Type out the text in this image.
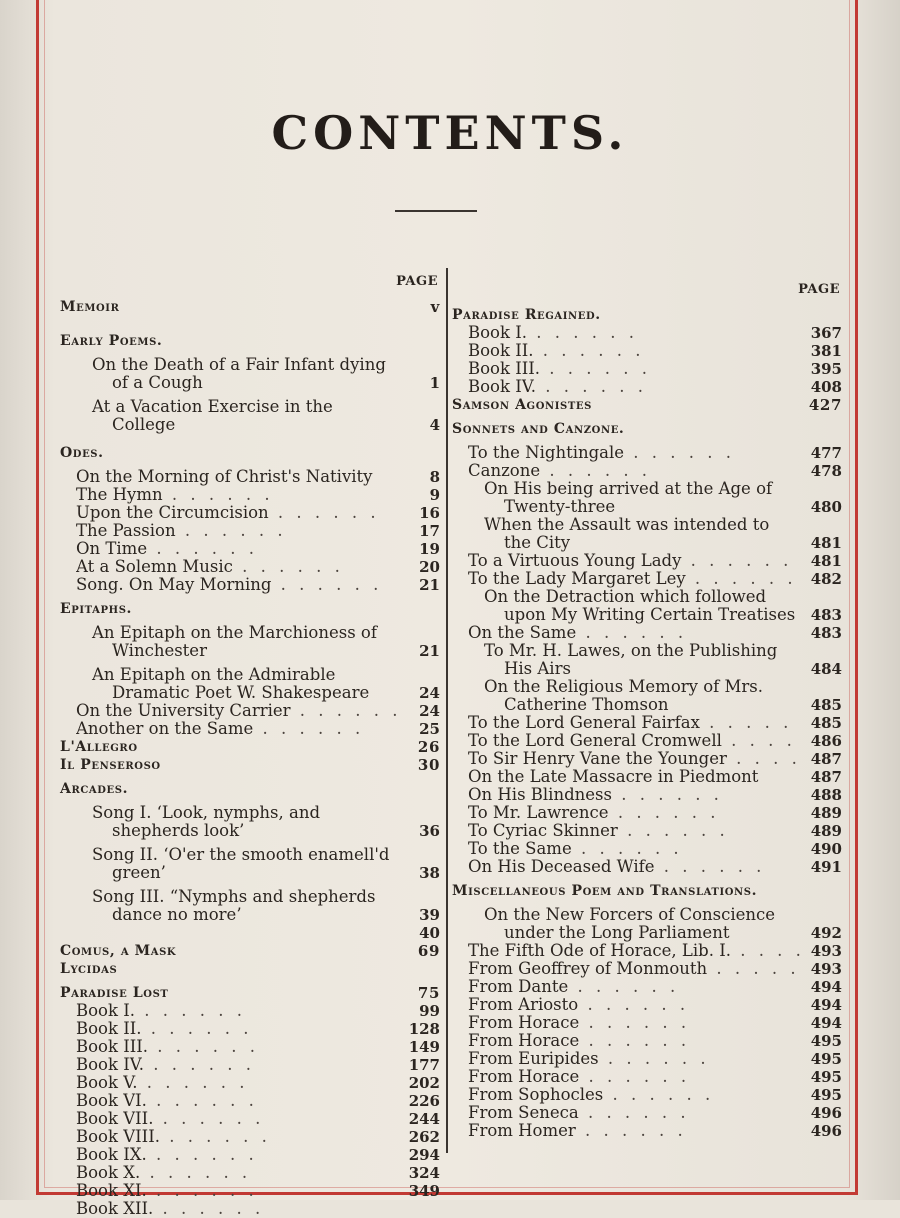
CONTENTS.
PAGE
Memoir	v
Early Poems.
On the Death of a Fair Infant dying of a Cough	1
At a Vacation Exercise in the College	4
Odes.
On the Morning of Christ's Nativity	8
The Hymn . . .	9
Upon the Circumcision . . .	16
The Passion . . .	17
On Time . . .	19
At a Solemn Music . . .	20
Song. On May Morning . . .	21
Epitaphs.
An Epitaph on the Marchioness of Winchester	21
An Epitaph on the Admirable Dramatic Poet W. Shakespeare	24
On the University Carrier . . .	24
Another on the Same . . .	25
L'Allegro	26
Il Penseroso	30
Arcades.
Song I. ‘Look, nymphs, and shepherds look’	36
Song II. ‘O'er the smooth enamell'd green’	38
Song III. “Nymphs and shepherds dance no more’	39
40
Comus, a Mask	69
Lycidas
Paradise Lost	75
Book I. . . .	99
Book II. . . .	128
Book III. . . .	149
Book IV. . . .	177
Book V. . . .	202
Book VI. . . .	226
Book VII. . . .	244
Book VIII. . . .	262
Book IX. . . .	294
Book X. . . .	324
Book XI. . . .	349
Book XII. . . .
PAGE
Paradise Regained.
Book I. . . .	367
Book II. . . .	381
Book III. . . .	395
Book IV. . . .	408
Samson Agonistes	427
Sonnets and Canzone.
To the Nightingale . . .	477
Canzone . . .	478
On His being arrived at the Age of Twenty-three	480
When the Assault was intended to the City	481
To a Virtuous Young Lady . . .	481
To the Lady Margaret Ley . . .	482
On the Detraction which followed upon My Writing Certain Treatises	483
On the Same . . .	483
To Mr. H. Lawes, on the Publishing His Airs	484
On the Religious Memory of Mrs. Catherine Thomson	485
To the Lord General Fairfax . . .	485
To the Lord General Cromwell . . .	486
To Sir Henry Vane the Younger . . .	487
On the Late Massacre in Piedmont	487
On His Blindness . . .	488
To Mr. Lawrence . . .	489
To Cyriac Skinner . . .	489
To the Same . . .	490
On His Deceased Wife . . .	491
Miscellaneous Poem and Translations.
On the New Forcers of Conscience under the Long Parliament	492
The Fifth Ode of Horace, Lib. I. . . .	493
From Geoffrey of Monmouth . . .	493
From Dante . . .	494
From Ariosto . . .	494
From Horace . . .	494
From Horace . . .	495
From Euripides . . .	495
From Horace . . .	495
From Sophocles . . .	495
From Seneca . . .	496
From Homer . . .	496
